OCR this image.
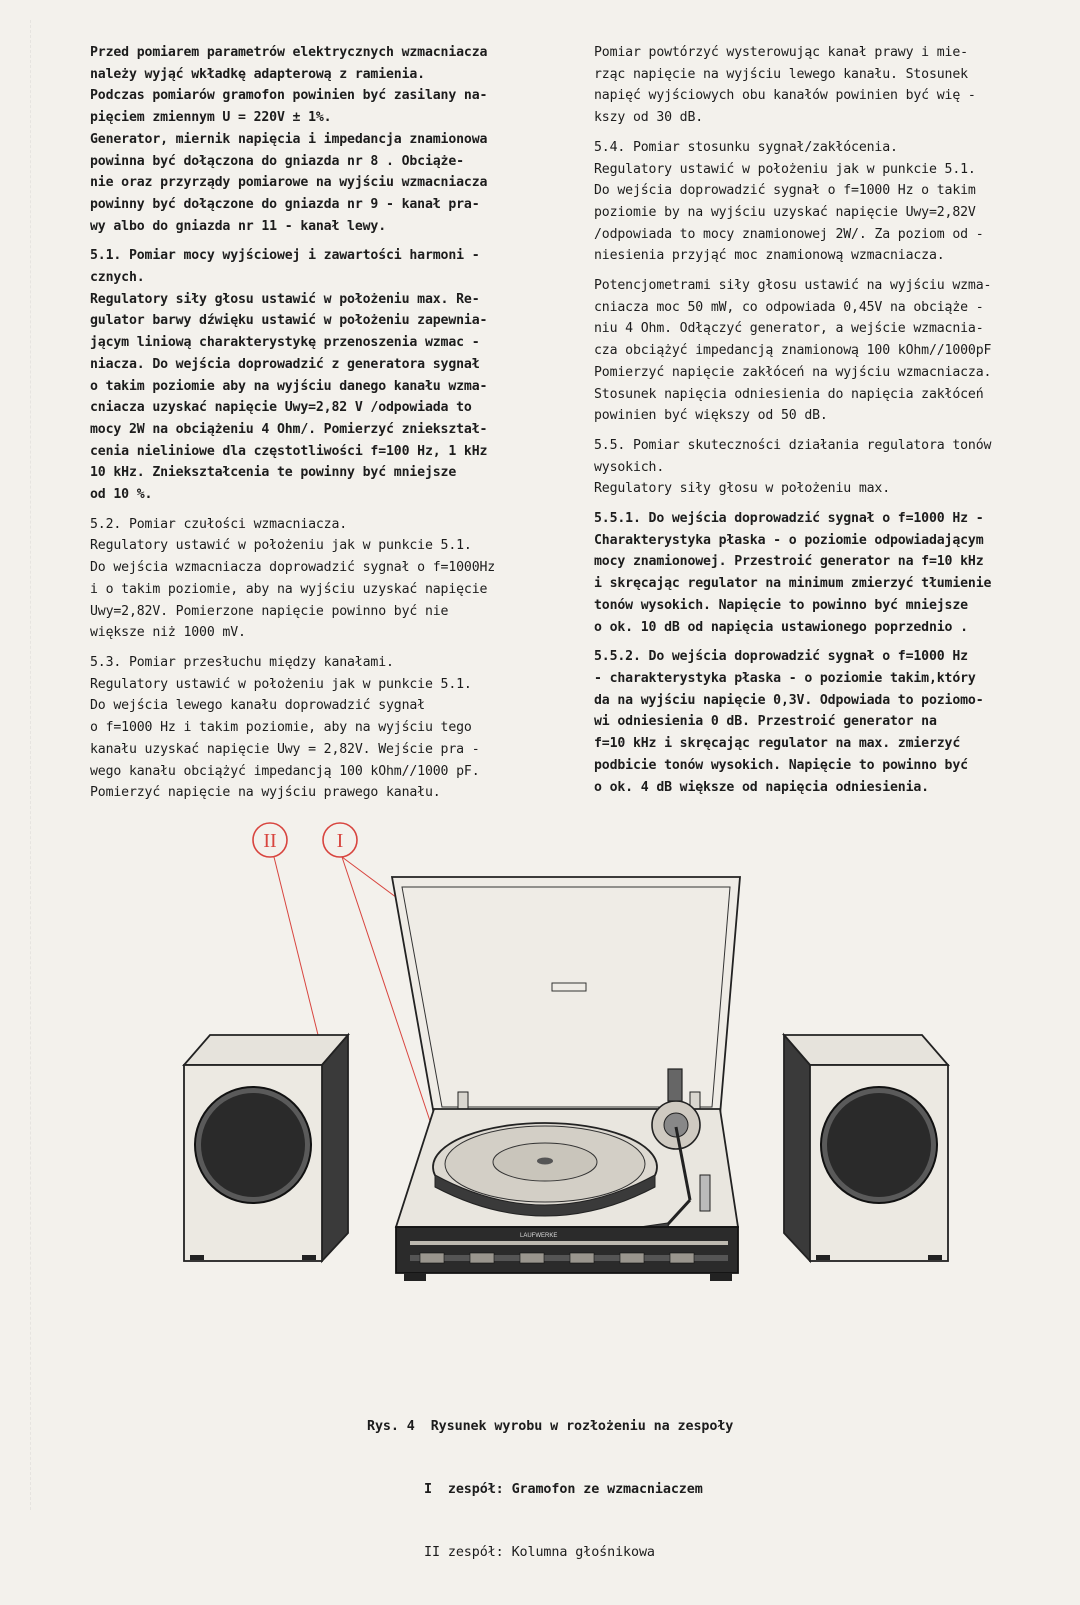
Przed pomiarem parametrów elektrycznych wzmacniacza
należy wyjąć wkładkę adapterową z ramienia.
Podczas pomiarów gramofon powinien być zasilany na-
pięciem zmiennym U = 220V ± 1%.
Generator, miernik napięcia i impedancja znamionowa
powinna być dołączona do gniazda nr 8 . Obciąże-
nie oraz przyrządy pomiarowe na wyjściu wzmacniacza
powinny być dołączone do gniazda nr 9 - kanał pra-
wy albo do gniazda nr 11 - kanał lewy.

5.1. Pomiar mocy wyjściowej i zawartości harmoni -
cznych.
Regulatory siły głosu ustawić w położeniu max. Re-
gulator barwy dźwięku ustawić w położeniu zapewnia-
jącym liniową charakterystykę przenoszenia wzmac -
niacza. Do wejścia doprowadzić z generatora sygnał
o takim poziomie aby na wyjściu danego kanału wzma-
cniacza uzyskać napięcie Uwy=2,82 V /odpowiada to
mocy 2W na obciążeniu 4 Ohm/. Pomierzyć zniekształ-
cenia nieliniowe dla częstotliwości f=100 Hz, 1 kHz
10 kHz. Zniekształcenia te powinny być mniejsze
od 10 %.

5.2. Pomiar czułości wzmacniacza.
Regulatory ustawić w położeniu jak w punkcie 5.1.
Do wejścia wzmacniacza doprowadzić sygnał o f=1000Hz
i o takim poziomie, aby na wyjściu uzyskać napięcie
Uwy=2,82V. Pomierzone napięcie powinno być nie
większe niż 1000 mV.

5.3. Pomiar przesłuchu między kanałami.
Regulatory ustawić w położeniu jak w punkcie 5.1.
Do wejścia lewego kanału doprowadzić sygnał
o f=1000 Hz i takim poziomie, aby na wyjściu tego
kanału uzyskać napięcie Uwy = 2,82V. Wejście pra -
wego kanału obciążyć impedancją 100 kOhm//1000 pF.
Pomierzyć napięcie na wyjściu prawego kanału.

Pomiar powtórzyć wysterowując kanał prawy i mie-
rząc napięcie na wyjściu lewego kanału. Stosunek
napięć wyjściowych obu kanałów powinien być wię -
kszy od 30 dB.

5.4. Pomiar stosunku sygnał/zakłócenia.
Regulatory ustawić w położeniu jak w punkcie 5.1.
Do wejścia doprowadzić sygnał o f=1000 Hz o takim
poziomie by na wyjściu uzyskać napięcie Uwy=2,82V
/odpowiada to mocy znamionowej 2W/. Za poziom od -
niesienia przyjąć moc znamionową wzmacniacza.

Potencjometrami siły głosu ustawić na wyjściu wzma-
cniacza moc 50 mW, co odpowiada 0,45V na obciąże -
niu 4 Ohm. Odłączyć generator, a wejście wzmacnia-
cza obciążyć impedancją znamionową 100 kOhm//1000pF
Pomierzyć napięcie zakłóceń na wyjściu wzmacniacza.
Stosunek napięcia odniesienia do napięcia zakłóceń
powinien być większy od 50 dB.

5.5. Pomiar skuteczności działania regulatora tonów
wysokich.
Regulatory siły głosu w położeniu max.

5.5.1. Do wejścia doprowadzić sygnał o f=1000 Hz -
Charakterystyka płaska - o poziomie odpowiadającym
mocy znamionowej. Przestroić generator na f=10 kHz
i skręcając regulator na minimum zmierzyć tłumienie
tonów wysokich. Napięcie to powinno być mniejsze
o ok. 10 dB od napięcia ustawionego poprzednio .

5.5.2. Do wejścia doprowadzić sygnał o f=1000 Hz
- charakterystyka płaska - o poziomie takim,który
da na wyjściu napięcie 0,3V. Odpowiada to poziomo-
wi odniesienia 0 dB. Przestroić generator na
f=10 kHz i skręcając regulator na max. zmierzyć
podbicie tonów wysokich. Napięcie to powinno być
o ok. 4 dB większe od napięcia odniesienia.

II	I
LAUFWERKE

Rys. 4 Rysunek wyrobu w rozłożeniu na zespoły

I  zespół: Gramofon ze wzmacniaczem

II zespół: Kolumna głośnikowa
